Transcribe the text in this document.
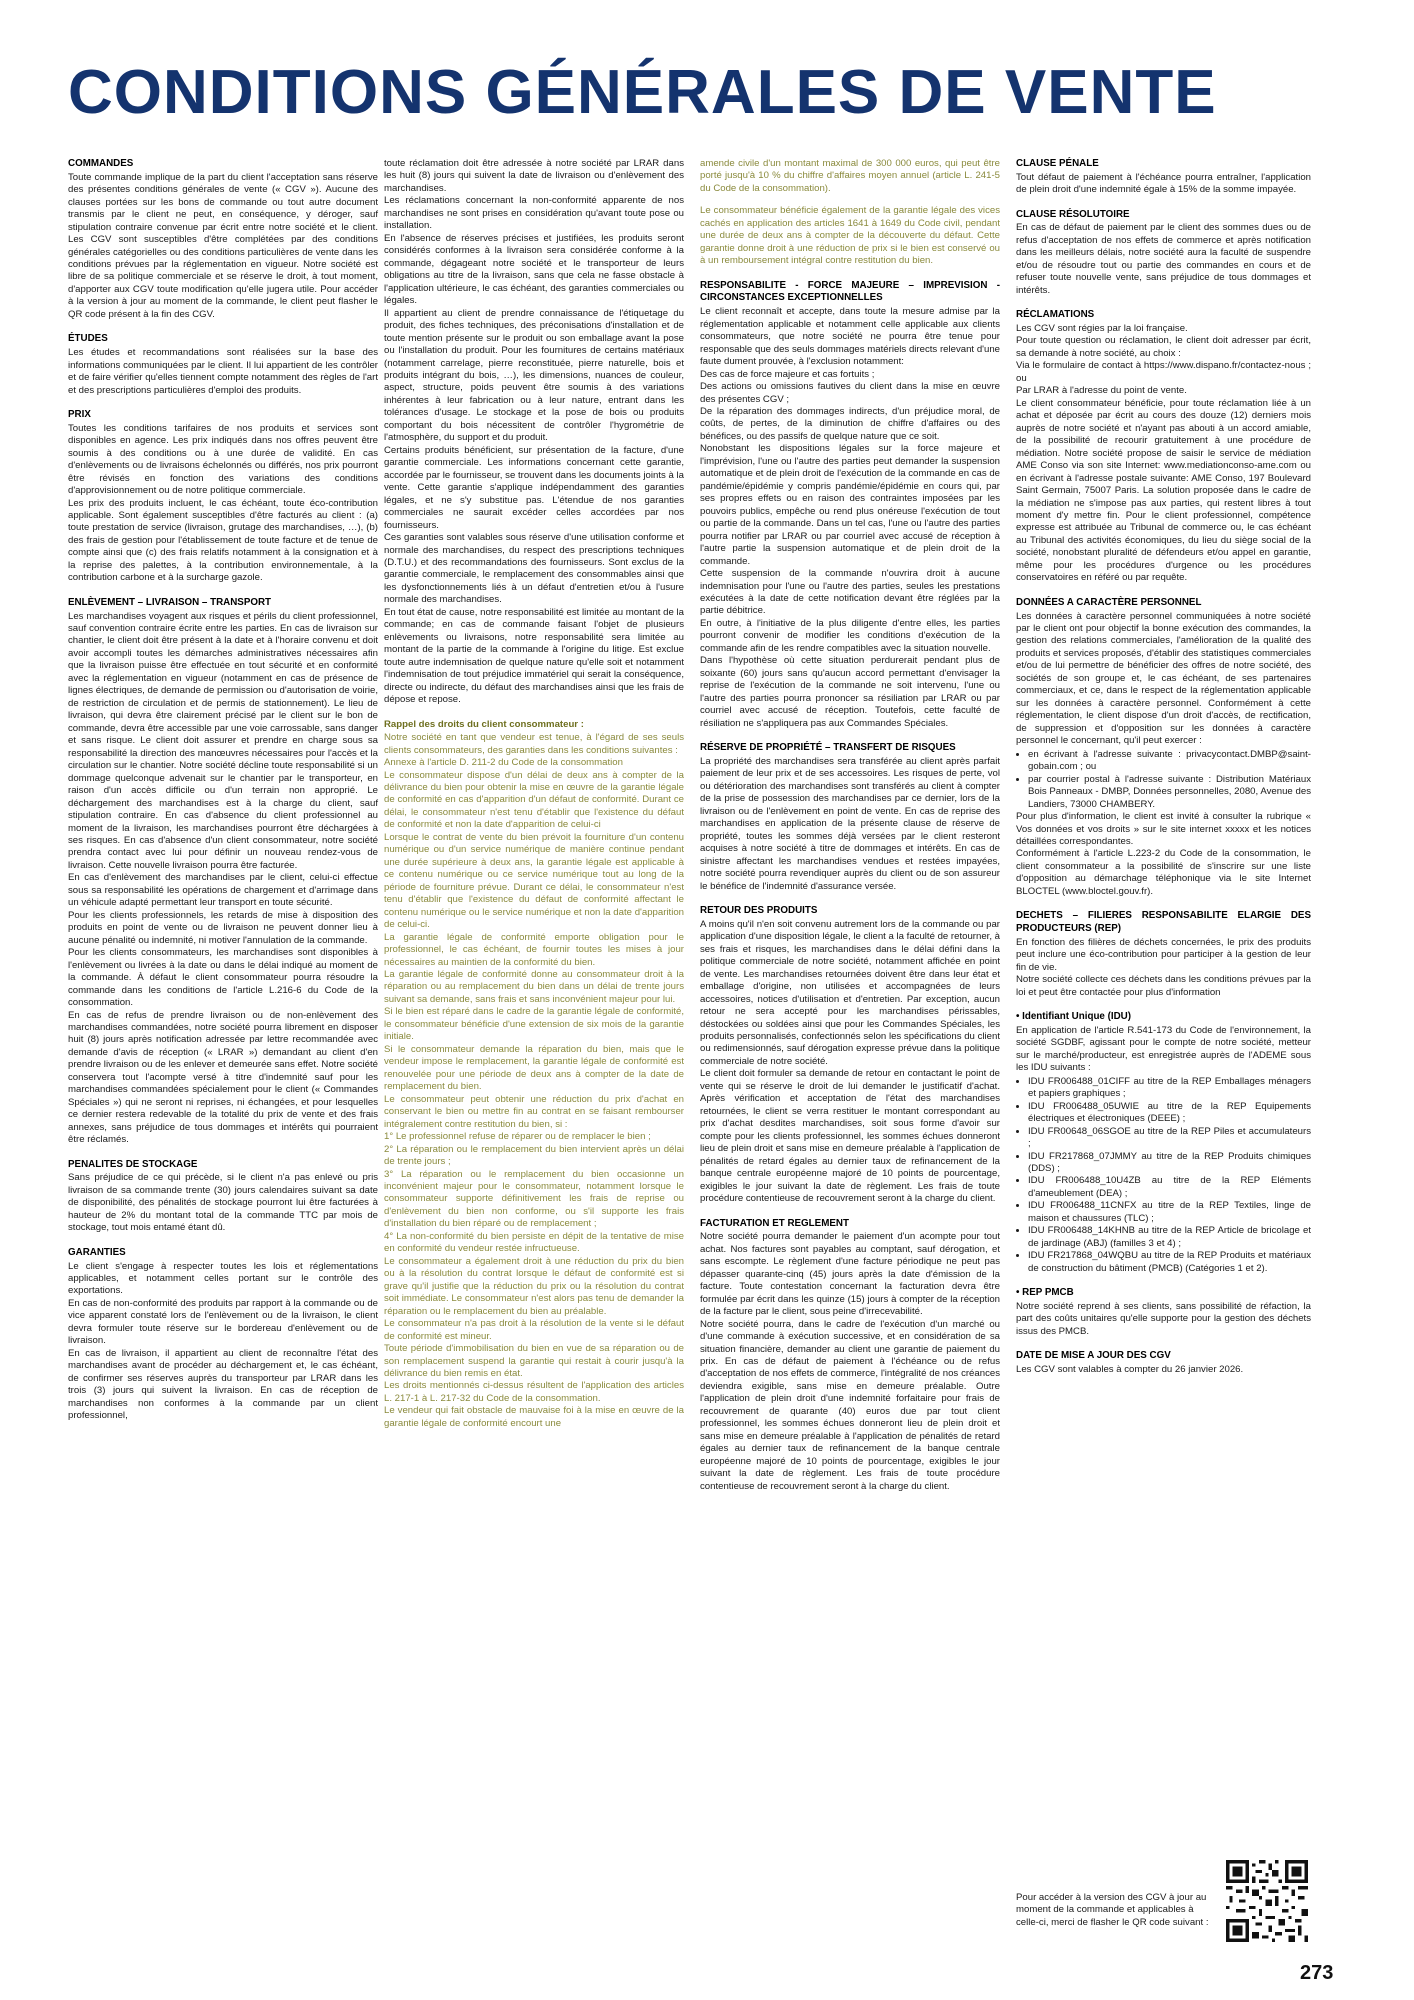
CONDITIONS GÉNÉRALES DE VENTE
COMMANDES

Toute commande implique de la part du client l'acceptation sans réserve des présentes conditions générales de vente (« CGV »). Aucune des clauses portées sur les bons de commande ou tout autre document transmis par le client ne peut, en conséquence, y déroger, sauf stipulation contraire convenue par écrit entre notre société et le client. Les CGV sont susceptibles d'être complétées par des conditions générales catégorielles ou des conditions particulières de vente dans les conditions prévues par la réglementation en vigueur. Notre société est libre de sa politique commerciale et se réserve le droit, à tout moment, d'apporter aux CGV toute modification qu'elle jugera utile. Pour accéder à la version à jour au moment de la commande, le client peut flasher le QR code présent à la fin des CGV.

ÉTUDES

Les études et recommandations sont réalisées sur la base des informations communiquées par le client. Il lui appartient de les contrôler et de faire vérifier qu'elles tiennent compte notamment des règles de l'art et des prescriptions particulières d'emploi des produits.

PRIX

Toutes les conditions tarifaires de nos produits et services sont disponibles en agence. Les prix indiqués dans nos offres peuvent être soumis à des conditions ou à une durée de validité. En cas d'enlèvements ou de livraisons échelonnés ou différés, nos prix pourront être révisés en fonction des variations des conditions d'approvisionnement ou de notre politique commerciale.

Les prix des produits incluent, le cas échéant, toute éco-contribution applicable. Sont également susceptibles d'être facturés au client : (a) toute prestation de service (livraison, grutage des marchandises, …), (b) des frais de gestion pour l'établissement de toute facture et de tenue de compte ainsi que (c) des frais relatifs notamment à la consignation et à la reprise des palettes, à la contribution environnementale, à la contribution carbone et à la surcharge gazole.

ENLÈVEMENT – LIVRAISON – TRANSPORT

Les marchandises voyagent aux risques et périls du client professionnel, sauf convention contraire écrite entre les parties. En cas de livraison sur chantier, le client doit être présent à la date et à l'horaire convenu et doit avoir accompli toutes les démarches administratives nécessaires afin que la livraison puisse être effectuée en tout sécurité et en conformité avec la réglementation en vigueur (notamment en cas de présence de lignes électriques, de demande de permission ou d'autorisation de voirie, de restriction de circulation et de permis de stationnement). Le lieu de livraison, qui devra être clairement précisé par le client sur le bon de commande, devra être accessible par une voie carrossable, sans danger et sans risque. Le client doit assurer et prendre en charge sous sa responsabilité la direction des manœuvres nécessaires pour l'accès et la circulation sur le chantier. Notre société décline toute responsabilité si un dommage quelconque advenait sur le chantier par le transporteur, en raison d'un accès difficile ou d'un terrain non approprié. Le déchargement des marchandises est à la charge du client, sauf stipulation contraire. En cas d'absence du client professionnel au moment de la livraison, les marchandises pourront être déchargées à ses risques. En cas d'absence d'un client consommateur, notre société prendra contact avec lui pour définir un nouveau rendez-vous de livraison. Cette nouvelle livraison pourra être facturée.

En cas d'enlèvement des marchandises par le client, celui-ci effectue sous sa responsabilité les opérations de chargement et d'arrimage dans un véhicule adapté permettant leur transport en toute sécurité.

Pour les clients professionnels, les retards de mise à disposition des produits en point de vente ou de livraison ne peuvent donner lieu à aucune pénalité ou indemnité, ni motiver l'annulation de la commande.

Pour les clients consommateurs, les marchandises sont disponibles à l'enlèvement ou livrées à la date ou dans le délai indiqué au moment de la commande. À défaut le client consommateur pourra résoudre la commande dans les conditions de l'article L.216-6 du Code de la consommation.

En cas de refus de prendre livraison ou de non-enlèvement des marchandises commandées, notre société pourra librement en disposer huit (8) jours après notification adressée par lettre recommandée avec demande d'avis de réception (« LRAR ») demandant au client d'en prendre livraison ou de les enlever et demeurée sans effet. Notre société conservera tout l'acompte versé à titre d'indemnité sauf pour les marchandises commandées spécialement pour le client (« Commandes Spéciales ») qui ne seront ni reprises, ni échangées, et pour lesquelles ce dernier restera redevable de la totalité du prix de vente et des frais annexes, sans préjudice de tous dommages et intérêts qui pourraient être réclamés.

PENALITES DE STOCKAGE

Sans préjudice de ce qui précède, si le client n'a pas enlevé ou pris livraison de sa commande trente (30) jours calendaires suivant sa date de disponibilité, des pénalités de stockage pourront lui être facturées à hauteur de 2% du montant total de la commande TTC par mois de stockage, tout mois entamé étant dû.

GARANTIES

Le client s'engage à respecter toutes les lois et réglementations applicables, et notamment celles portant sur le contrôle des exportations.

En cas de non-conformité des produits par rapport à la commande ou de vice apparent constaté lors de l'enlèvement ou de la livraison, le client devra formuler toute réserve sur le bordereau d'enlèvement ou de livraison.

En cas de livraison, il appartient au client de reconnaître l'état des marchandises avant de procéder au déchargement et, le cas échéant, de confirmer ses réserves auprès du transporteur par LRAR dans les trois (3) jours qui suivent la livraison. En cas de réception de marchandises non conformes à la commande par un client professionnel,

toute réclamation doit être adressée à notre société par LRAR dans les huit (8) jours qui suivent la date de livraison ou d'enlèvement des marchandises.

Les réclamations concernant la non-conformité apparente de nos marchandises ne sont prises en considération qu'avant toute pose ou installation.

En l'absence de réserves précises et justifiées, les produits seront considérés conformes à la livraison sera considérée conforme à la commande, dégageant notre société et le transporteur de leurs obligations au titre de la livraison, sans que cela ne fasse obstacle à l'application ultérieure, le cas échéant, des garanties commerciales ou légales.

Il appartient au client de prendre connaissance de l'étiquetage du produit, des fiches techniques, des préconisations d'installation et de toute mention présente sur le produit ou son emballage avant la pose ou l'installation du produit. Pour les fournitures de certains matériaux (notamment carrelage, pierre reconstituée, pierre naturelle, bois et produits intégrant du bois, …), les dimensions, nuances de couleur, aspect, structure, poids peuvent être soumis à des variations inhérentes à leur fabrication ou à leur nature, entrant dans les tolérances d'usage. Le stockage et la pose de bois ou produits comportant du bois nécessitent de contrôler l'hygrométrie de l'atmosphère, du support et du produit.

Certains produits bénéficient, sur présentation de la facture, d'une garantie commerciale. Les informations concernant cette garantie, accordée par le fournisseur, se trouvent dans les documents joints à la vente. Cette garantie s'applique indépendamment des garanties légales, et ne s'y substitue pas. L'étendue de nos garanties commerciales ne saurait excéder celles accordées par nos fournisseurs.

Ces garanties sont valables sous réserve d'une utilisation conforme et normale des marchandises, du respect des prescriptions techniques (D.T.U.) et des recommandations des fournisseurs. Sont exclus de la garantie commerciale, le remplacement des consommables ainsi que les dysfonctionnements liés à un défaut d'entretien et/ou à l'usure normale des marchandises.

En tout état de cause, notre responsabilité est limitée au montant de la commande; en cas de commande faisant l'objet de plusieurs enlèvements ou livraisons, notre responsabilité sera limitée au montant de la partie de la commande à l'origine du litige. Est exclue toute autre indemnisation de quelque nature qu'elle soit et notamment l'indemnisation de tout préjudice immatériel qui serait la conséquence, directe ou indirecte, du défaut des marchandises ainsi que les frais de dépose et repose.

Rappel des droits du client consommateur :

Notre société en tant que vendeur est tenue, à l'égard de ses seuls clients consommateurs, des garanties dans les conditions suivantes :

Annexe à l'article D. 211-2 du Code de la consommation

Le consommateur dispose d'un délai de deux ans à compter de la délivrance du bien pour obtenir la mise en œuvre de la garantie légale de conformité en cas d'apparition d'un défaut de conformité. Durant ce délai, le consommateur n'est tenu d'établir que l'existence du défaut de conformité et non la date d'apparition de celui-ci

Lorsque le contrat de vente du bien prévoit la fourniture d'un contenu numérique ou d'un service numérique de manière continue pendant une durée supérieure à deux ans, la garantie légale est applicable à ce contenu numérique ou ce service numérique tout au long de la période de fourniture prévue. Durant ce délai, le consommateur n'est tenu d'établir que l'existence du défaut de conformité affectant le contenu numérique ou le service numérique et non la date d'apparition de celui-ci.

La garantie légale de conformité emporte obligation pour le professionnel, le cas échéant, de fournir toutes les mises à jour nécessaires au maintien de la conformité du bien.

La garantie légale de conformité donne au consommateur droit à la réparation ou au remplacement du bien dans un délai de trente jours suivant sa demande, sans frais et sans inconvénient majeur pour lui.

Si le bien est réparé dans le cadre de la garantie légale de conformité, le consommateur bénéficie d'une extension de six mois de la garantie initiale.

Si le consommateur demande la réparation du bien, mais que le vendeur impose le remplacement, la garantie légale de conformité est renouvelée pour une période de deux ans à compter de la date de remplacement du bien.

Le consommateur peut obtenir une réduction du prix d'achat en conservant le bien ou mettre fin au contrat en se faisant rembourser intégralement contre restitution du bien, si :

1° Le professionnel refuse de réparer ou de remplacer le bien ;

2° La réparation ou le remplacement du bien intervient après un délai de trente jours ;

3° La réparation ou le remplacement du bien occasionne un inconvénient majeur pour le consommateur, notamment lorsque le consommateur supporte définitivement les frais de reprise ou d'enlèvement du bien non conforme, ou s'il supporte les frais d'installation du bien réparé ou de remplacement ;

4° La non-conformité du bien persiste en dépit de la tentative de mise en conformité du vendeur restée infructueuse.

Le consommateur a également droit à une réduction du prix du bien ou à la résolution du contrat lorsque le défaut de conformité est si grave qu'il justifie que la réduction du prix ou la résolution du contrat soit immédiate. Le consommateur n'est alors pas tenu de demander la réparation ou le remplacement du bien au préalable.

Le consommateur n'a pas droit à la résolution de la vente si le défaut de conformité est mineur.

Toute période d'immobilisation du bien en vue de sa réparation ou de son remplacement suspend la garantie qui restait à courir jusqu'à la délivrance du bien remis en état.

Les droits mentionnés ci-dessus résultent de l'application des articles L. 217-1 à L. 217-32 du Code de la consommation.

Le vendeur qui fait obstacle de mauvaise foi à la mise en œuvre de la garantie légale de conformité encourt une

amende civile d'un montant maximal de 300 000 euros, qui peut être porté jusqu'à 10 % du chiffre d'affaires moyen annuel (article L. 241-5 du Code de la consommation).

Le consommateur bénéficie également de la garantie légale des vices cachés en application des articles 1641 à 1649 du Code civil, pendant une durée de deux ans à compter de la découverte du défaut. Cette garantie donne droit à une réduction de prix si le bien est conservé ou à un remboursement intégral contre restitution du bien.

RESPONSABILITE - FORCE MAJEURE – IMPREVISION - CIRCONSTANCES EXCEPTIONNELLES

Le client reconnaît et accepte, dans toute la mesure admise par la réglementation applicable et notamment celle applicable aux clients consommateurs, que notre société ne pourra être tenue pour responsable que des seuls dommages matériels directs relevant d'une faute dument prouvée, à l'exclusion notamment:

Des cas de force majeure et cas fortuits ;

Des actions ou omissions fautives du client dans la mise en œuvre des présentes CGV ;

De la réparation des dommages indirects, d'un préjudice moral, de coûts, de pertes, de la diminution de chiffre d'affaires ou des bénéfices, ou des passifs de quelque nature que ce soit.

Nonobstant les dispositions légales sur la force majeure et l'imprévision, l'une ou l'autre des parties peut demander la suspension automatique et de plein droit de l'exécution de la commande en cas de pandémie/épidémie y compris pandémie/épidémie en cours qui, par ses propres effets ou en raison des contraintes imposées par les pouvoirs publics, empêche ou rend plus onéreuse l'exécution de tout ou partie de la commande. Dans un tel cas, l'une ou l'autre des parties pourra notifier par LRAR ou par courriel avec accusé de réception à l'autre partie la suspension automatique et de plein droit de la commande.

Cette suspension de la commande n'ouvrira droit à aucune indemnisation pour l'une ou l'autre des parties, seules les prestations exécutées à la date de cette notification devant être réglées par la partie débitrice.

En outre, à l'initiative de la plus diligente d'entre elles, les parties pourront convenir de modifier les conditions d'exécution de la commande afin de les rendre compatibles avec la situation nouvelle.

Dans l'hypothèse où cette situation perdurerait pendant plus de soixante (60) jours sans qu'aucun accord permettant d'envisager la reprise de l'exécution de la commande ne soit intervenu, l'une ou l'autre des parties pourra prononcer sa résiliation par LRAR ou par courriel avec accusé de réception. Toutefois, cette faculté de résiliation ne s'appliquera pas aux Commandes Spéciales.

RÉSERVE DE PROPRIÉTÉ – TRANSFERT DE RISQUES

La propriété des marchandises sera transférée au client après parfait paiement de leur prix et de ses accessoires. Les risques de perte, vol ou détérioration des marchandises sont transférés au client à compter de la prise de possession des marchandises par ce dernier, lors de la livraison ou de l'enlèvement en point de vente. En cas de reprise des marchandises en application de la présente clause de réserve de propriété, toutes les sommes déjà versées par le client resteront acquises à notre société à titre de dommages et intérêts. En cas de sinistre affectant les marchandises vendues et restées impayées, notre société pourra revendiquer auprès du client ou de son assureur le bénéfice de l'indemnité d'assurance versée.

RETOUR DES PRODUITS

A moins qu'il n'en soit convenu autrement lors de la commande ou par application d'une disposition légale, le client a la faculté de retourner, à ses frais et risques, les marchandises dans le délai défini dans la politique commerciale de notre société, notamment affichée en point de vente. Les marchandises retournées doivent être dans leur état et emballage d'origine, non utilisées et accompagnées de leurs accessoires, notices d'utilisation et d'entretien. Par exception, aucun retour ne sera accepté pour les marchandises périssables, déstockées ou soldées ainsi que pour les Commandes Spéciales, les produits personnalisés, confectionnés selon les spécifications du client ou redimensionnés, sauf dérogation expresse prévue dans la politique commerciale de notre société.

Le client doit formuler sa demande de retour en contactant le point de vente qui se réserve le droit de lui demander le justificatif d'achat. Après vérification et acceptation de l'état des marchandises retournées, le client se verra restituer le montant correspondant au prix d'achat desdites marchandises, soit sous forme d'avoir sur compte pour les clients professionnel, les sommes échues donneront lieu de plein droit et sans mise en demeure préalable à l'application de pénalités de retard égales au dernier taux de refinancement de la banque centrale européenne majoré de 10 points de pourcentage, exigibles le jour suivant la date de règlement. Les frais de toute procédure contentieuse de recouvrement seront à la charge du client.

FACTURATION ET REGLEMENT

Notre société pourra demander le paiement d'un acompte pour tout achat. Nos factures sont payables au comptant, sauf dérogation, et sans escompte. Le règlement d'une facture périodique ne peut pas dépasser quarante-cinq (45) jours après la date d'émission de la facture. Toute contestation concernant la facturation devra être formulée par écrit dans les quinze (15) jours à compter de la réception de la facture par le client, sous peine d'irrecevabilité.

Notre société pourra, dans le cadre de l'exécution d'un marché ou d'une commande à exécution successive, et en considération de sa situation financière, demander au client une garantie de paiement du prix. En cas de défaut de paiement à l'échéance ou de refus d'acceptation de nos effets de commerce, l'intégralité de nos créances deviendra exigible, sans mise en demeure préalable. Outre l'application de plein droit d'une indemnité forfaitaire pour frais de recouvrement de quarante (40) euros due par tout client professionnel, les sommes échues donneront lieu de plein droit et sans mise en demeure préalable à l'application de pénalités de retard égales au dernier taux de refinancement de la banque centrale européenne majoré de 10 points de pourcentage, exigibles le jour suivant la date de règlement. Les frais de toute procédure contentieuse de recouvrement seront à la charge du client.

CLAUSE PÉNALE

Tout défaut de paiement à l'échéance pourra entraîner, l'application de plein droit d'une indemnité égale à 15% de la somme impayée.

CLAUSE RÉSOLUTOIRE

En cas de défaut de paiement par le client des sommes dues ou de refus d'acceptation de nos effets de commerce et après notification dans les meilleurs délais, notre société aura la faculté de suspendre et/ou de résoudre tout ou partie des commandes en cours et de refuser toute nouvelle vente, sans préjudice de tous dommages et intérêts.

RÉCLAMATIONS

Les CGV sont régies par la loi française.

Pour toute question ou réclamation, le client doit adresser par écrit, sa demande à notre société, au choix :

Via le formulaire de contact à https://www.dispano.fr/contactez-nous ; ou

Par LRAR à l'adresse du point de vente.

Le client consommateur bénéficie, pour toute réclamation liée à un achat et déposée par écrit au cours des douze (12) derniers mois auprès de notre société et n'ayant pas abouti à un accord amiable, de la possibilité de recourir gratuitement à une procédure de médiation. Notre société propose de saisir le service de médiation AME Conso via son site Internet: www.mediationconso-ame.com ou en écrivant à l'adresse postale suivante: AME Conso, 197 Boulevard Saint Germain, 75007 Paris. La solution proposée dans le cadre de la médiation ne s'impose pas aux parties, qui restent libres à tout moment d'y mettre fin. Pour le client professionnel, compétence expresse est attribuée au Tribunal de commerce ou, le cas échéant au Tribunal des activités économiques, du lieu du siège social de la société, nonobstant pluralité de défendeurs et/ou appel en garantie, même pour les procédures d'urgence ou les procédures conservatoires en référé ou par requête.

DONNÉES A CARACTÈRE PERSONNEL

Les données à caractère personnel communiquées à notre société par le client ont pour objectif la bonne exécution des commandes, la gestion des relations commerciales, l'amélioration de la qualité des produits et services proposés, d'établir des statistiques commerciales et/ou de lui permettre de bénéficier des offres de notre société, des sociétés de son groupe et, le cas échéant, de ses partenaires commerciaux, et ce, dans le respect de la réglementation applicable sur les données à caractère personnel. Conformément à cette réglementation, le client dispose d'un droit d'accès, de rectification, de suppression et d'opposition sur les données à caractère personnel le concernant, qu'il peut exercer :

• en écrivant à l'adresse suivante : privacycontact.DMBP@saint-gobain.com ; ou
• par courrier postal à l'adresse suivante : Distribution Matériaux Bois Panneaux - DMBP, Données personnelles, 2080, Avenue des Landiers, 73000 CHAMBERY.

Pour plus d'information, le client est invité à consulter la rubrique « Vos données et vos droits » sur le site internet xxxxx et les notices détaillées correspondantes.

Conformément à l'article L.223-2 du Code de la consommation, le client consommateur a la possibilité de s'inscrire sur une liste d'opposition au démarchage téléphonique via le site Internet BLOCTEL (www.bloctel.gouv.fr).

DECHETS – FILIERES RESPONSABILITE ELARGIE DES PRODUCTEURS (REP)

En fonction des filières de déchets concernées, le prix des produits peut inclure une éco-contribution pour participer à la gestion de leur fin de vie.

Notre société collecte ces déchets dans les conditions prévues par la loi et peut être contactée pour plus d'information

• Identifiant Unique (IDU)

En application de l'article R.541-173 du Code de l'environnement, la société SGDBF, agissant pour le compte de notre société, metteur sur le marché/producteur, est enregistrée auprès de l'ADEME sous les IDU suivants :

• IDU FR006488_01CIFF au titre de la REP Emballages ménagers et papiers graphiques ;
• IDU FR006488_05UWIE au titre de la REP Equipements électriques et électroniques (DEEE) ;
• IDU FR00648_06SGOE au titre de la REP Piles et accumulateurs ;
• IDU FR217868_07JMMY au titre de la REP Produits chimiques (DDS) ;
• IDU FR006488_10U4ZB au titre de la REP Eléments d'ameublement (DEA) ;
• IDU FR006488_11CNFX au titre de la REP Textiles, linge de maison et chaussures (TLC) ;
• IDU FR006488_14KHNB au titre de la REP Article de bricolage et de jardinage (ABJ) (familles 3 et 4) ;
• IDU FR217868_04WQBU au titre de la REP Produits et matériaux de construction du bâtiment (PMCB) (Catégories 1 et 2).
• REP PMCB

Notre société reprend à ses clients, sans possibilité de réfaction, la part des coûts unitaires qu'elle supporte pour la gestion des déchets issus des PMCB.

DATE DE MISE A JOUR DES CGV

Les CGV sont valables à compter du 26 janvier 2026.

Pour accéder à la version des CGV à jour au moment de la commande et applicables à celle-ci, merci de flasher le QR code suivant :

273
